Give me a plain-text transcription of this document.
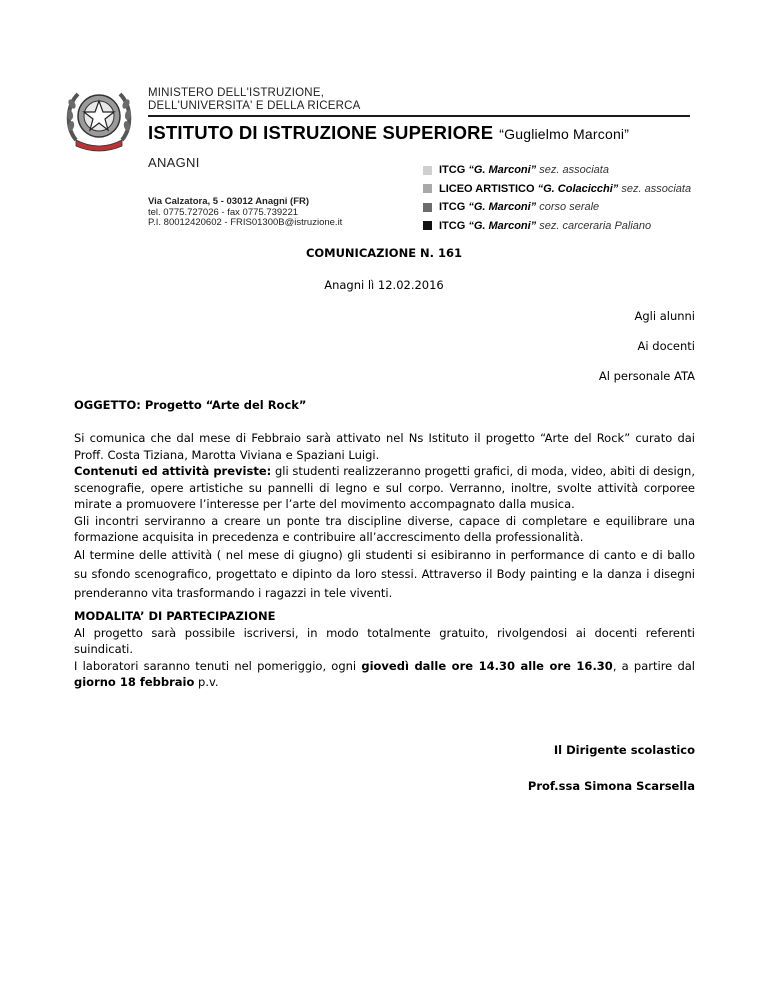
MINISTERO DELL'ISTRUZIONE,
DELL'UNIVERSITA' E DELLA RICERCA
ISTITUTO DI ISTRUZIONE SUPERIORE “Guglielmo Marconi”
ANAGNI
Via Calzatora, 5 - 03012 Anagni (FR)
tel. 0775.727026 - fax 0775.739221
P.I. 80012420602 - FRIS01300B@istruzione.it
ITCG
“G. Marconi”
sez. associata
LICEO ARTISTICO
“G. Colacicchi”
sez. associata
ITCG
“G. Marconi”
corso serale
ITCG
“G. Marconi”
sez. carceraria Paliano
COMUNICAZIONE N. 161
Anagni lì 12.02.2016
Agli alunni
Ai docenti
Al personale ATA
OGGETTO: Progetto “Arte del Rock”

Si comunica che dal mese di Febbraio sarà attivato nel Ns Istituto il progetto “Arte del Rock” curato dai Proff. Costa Tiziana, Marotta Viviana e Spaziani Luigi.

Contenuti ed attività previste: gli studenti realizzeranno progetti grafici, di moda, video, abiti di design, scenografie, opere artistiche su pannelli di legno e sul corpo. Verranno, inoltre, svolte attività corporee mirate a promuovere l’interesse per l’arte del movimento accompagnato dalla musica.

Gli incontri serviranno a creare un ponte tra discipline diverse, capace di completare e equilibrare una formazione acquisita in precedenza e contribuire all’accrescimento della professionalità.

Al termine delle attività ( nel mese di giugno) gli studenti si esibiranno in performance di canto e di ballo su sfondo scenografico, progettato e dipinto da loro stessi. Attraverso il Body painting e la danza i disegni prenderanno vita trasformando i ragazzi in tele viventi.

MODALITA’ DI PARTECIPAZIONE

Al progetto sarà possibile iscriversi, in modo totalmente gratuito, rivolgendosi ai docenti referenti suindicati.

I laboratori saranno tenuti nel pomeriggio, ogni giovedì dalle ore 14.30 alle ore 16.30, a partire dal giorno 18 febbraio p.v.

Il Dirigente scolastico
Prof.ssa Simona Scarsella
